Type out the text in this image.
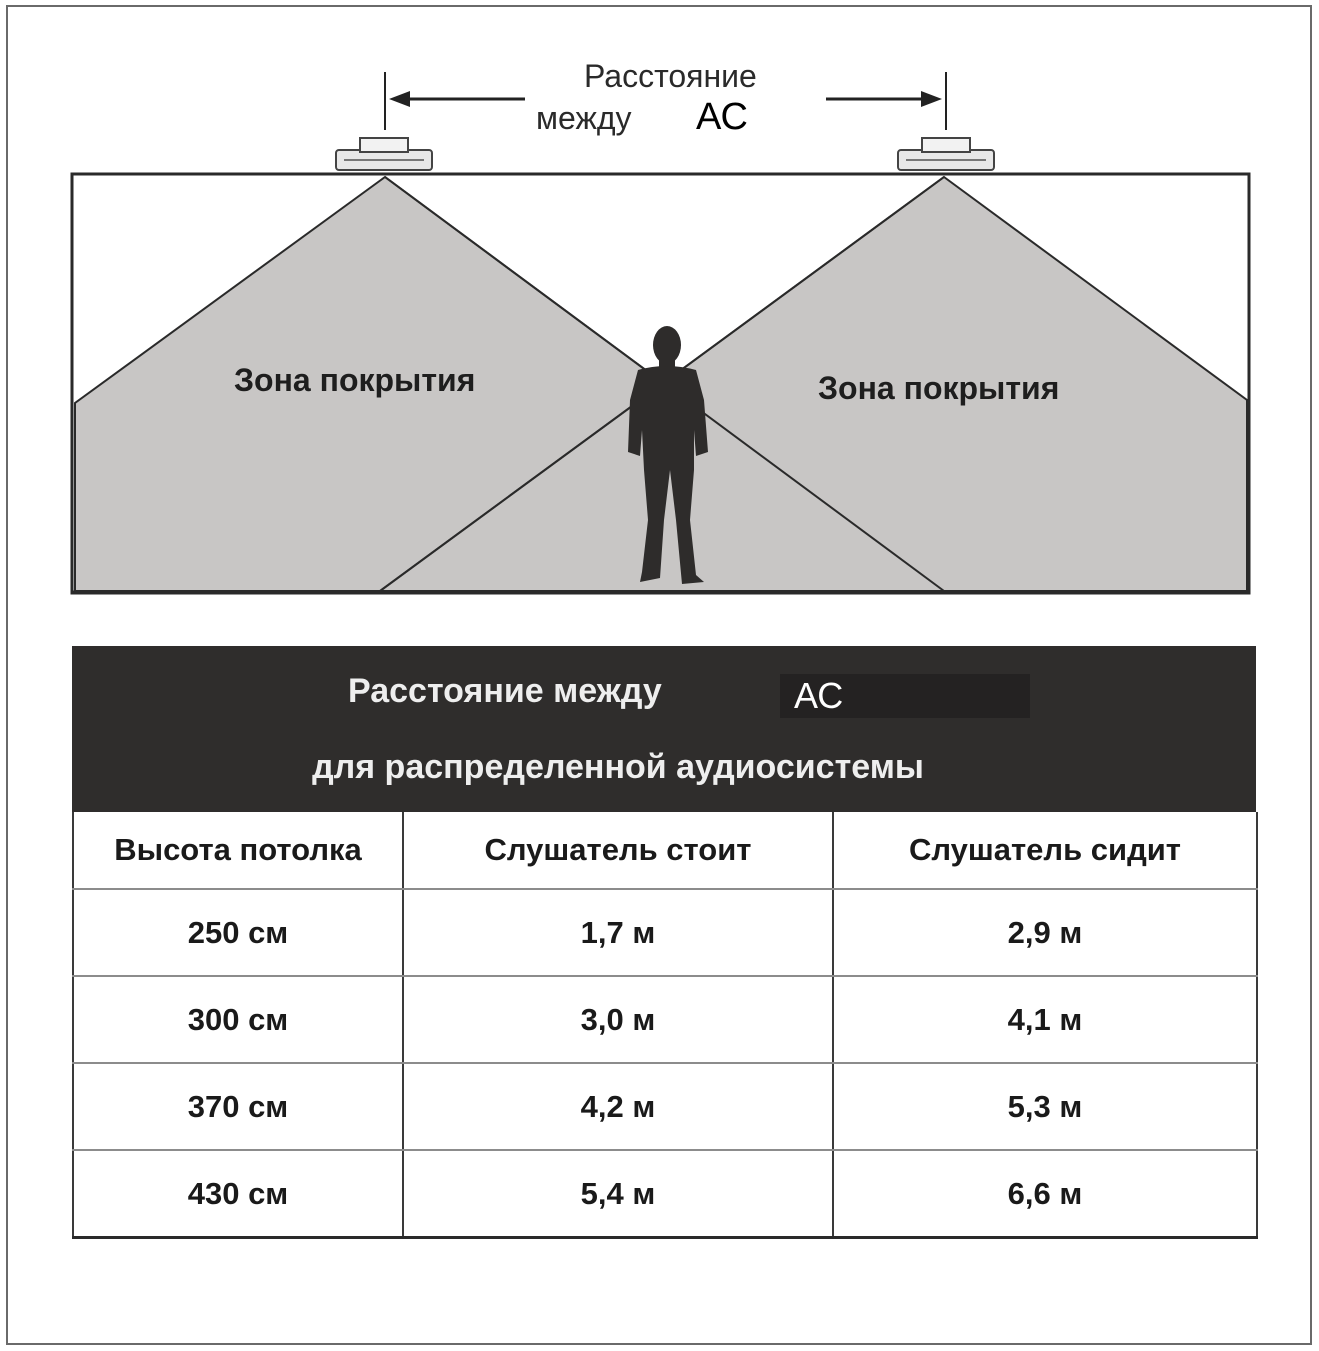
Расстояние
между АС
Зона покрытия	Зона покрытия
Расстояние между	АС
для распределенной аудиосистемы
Высота потолка	Слушатель стоит	Слушатель сидит
250 см	1,7 м	2,9 м
300 см	3,0 м	4,1 м
370 см	4,2 м	5,3 м
430 см	5,4 м	6,6 м
